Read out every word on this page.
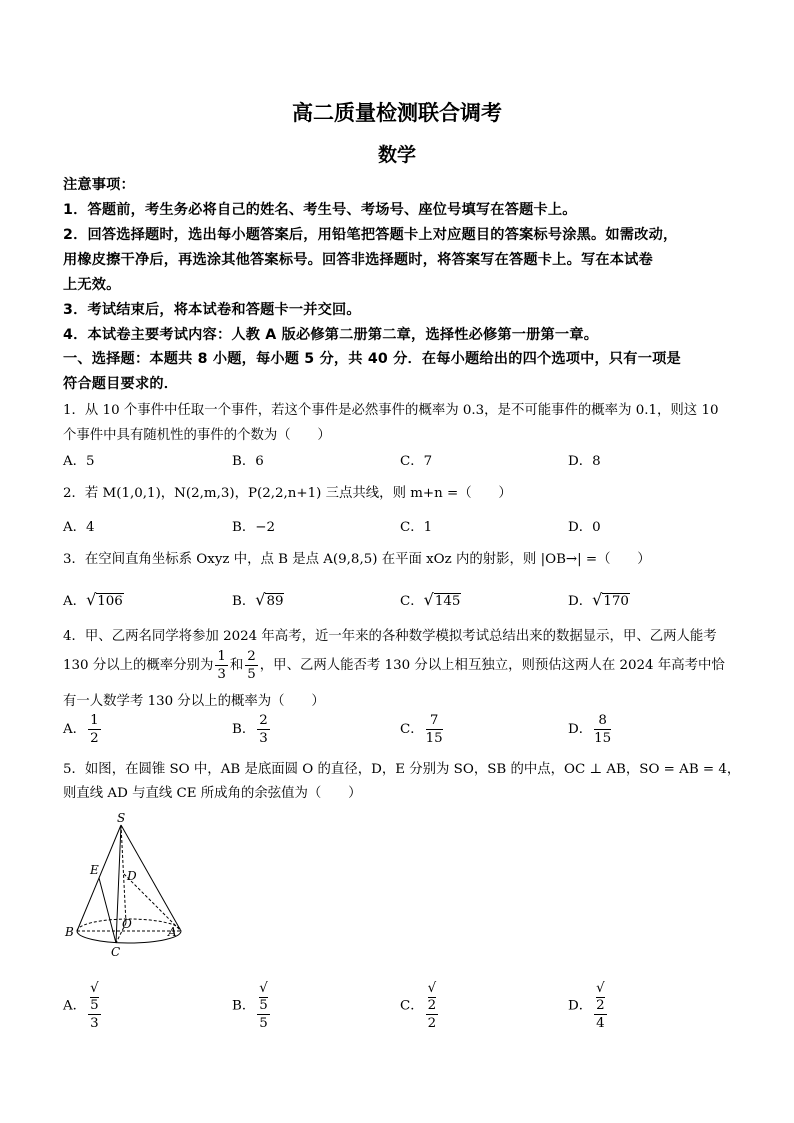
高二质量检测联合调考
数学
注意事项：
1．答题前，考生务必将自己的姓名、考生号、考场号、座位号填写在答题卡上。
2．回答选择题时，选出每小题答案后，用铅笔把答题卡上对应题目的答案标号涂黑。如需改动，
用橡皮擦干净后，再选涂其他答案标号。回答非选择题时，将答案写在答题卡上。写在本试卷
上无效。
3．考试结束后，将本试卷和答题卡一并交回。
4．本试卷主要考试内容：人教 A 版必修第二册第二章，选择性必修第一册第一章。
一、选择题：本题共 8 小题，每小题 5 分，共 40 分．在每小题给出的四个选项中，只有一项是
符合题目要求的．
1．从 10 个事件中任取一个事件，若这个事件是必然事件的概率为 0.3，是不可能事件的概率为 0.1，则这 10
个事件中具有随机性的事件的个数为（　　）
A．5	B．6	C．7	D．8
2．若 M(1,0,1)，N(2,m,3)，P(2,2,n+1) 三点共线，则 m+n =（　　）
A．4	B．−2	C．1	D．0
3．在空间直角坐标系 Oxyz 中，点 B 是点 A(9,8,5) 在平面 xOz 内的射影，则 |OB→| =（　　）
A．√106	B．√89	C．√145	D．√170
4．甲、乙两名同学将参加 2024 年高考，近一年来的各种数学模拟考试总结出来的数据显示，甲、乙两人能考
130 分以上的概率分别为 $\frac{1}{3}$ 和 $\frac{2}{5}$ ，甲、乙两人能否考 130 分以上相互独立，则预估这两人在 2024 年高考中恰
有一人数学考 130 分以上的概率为（　　）
A． $\frac{1}{2}$	B． $\frac{2}{3}$	C． $\frac{7}{15}$	D． $\frac{8}{15}$
5．如图，在圆锥 SO 中，AB 是底面圆 O 的直径，D，E 分别为 SO，SB 的中点，OC ⊥ AB，SO = AB = 4，
则直线 AD 与直线 CE 所成角的余弦值为（　　）
S
E D
B
O
A
C
A． √
5
3	B． √
5
5	C． √
2
2	D． √
2
4
